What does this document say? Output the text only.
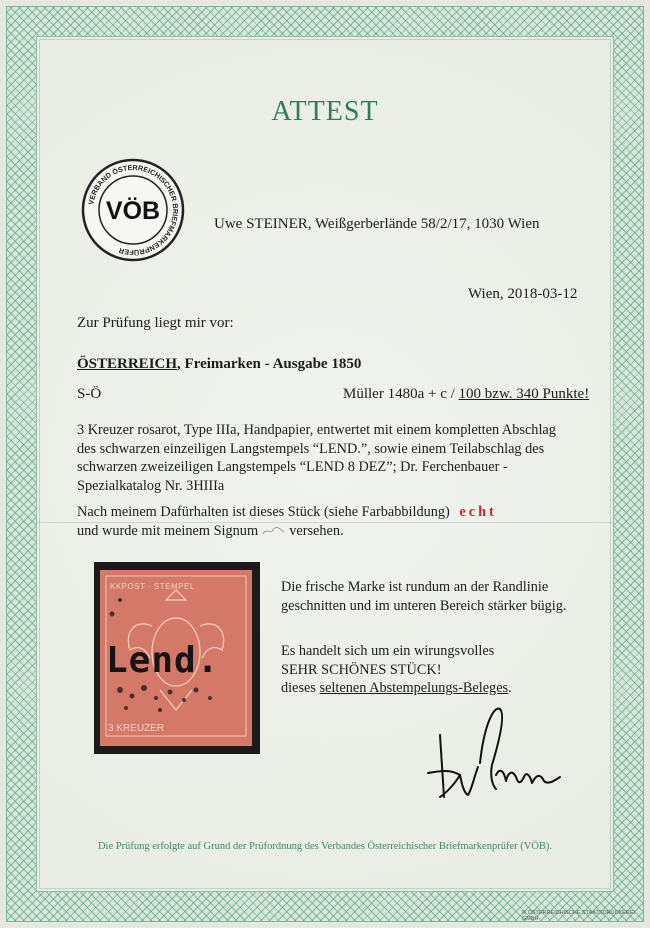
ATTEST
VERBAND ÖSTERREICHISCHER BRIEFMARKENPRÜFER
VÖB	Uwe STEINER, Weißgerberlände 58/2/17, 1030 Wien
Wien, 2018-03-12
Zur Prüfung liegt mir vor:
ÖSTERREICH, Freimarken - Ausgabe 1850
S-Ö	Müller 1480a + c / 100 bzw. 340 Punkte!
3 Kreuzer rosarot, Type IIIa, Handpapier, entwertet mit einem kompletten Abschlag des schwarzen einzeiligen Langstempels “LEND.”, sowie einem Teilabschlag des schwarzen zweizeiligen Langstempels “LEND 8 DEZ”; Dr. Ferchenbauer - Spezialkatalog Nr. 3HIIIa
Nach meinem Dafürhalten ist dieses Stück (siehe Farbabbildung) echt
und wurde mit meinem Signum versehen.
KKPOST · STEMPEL
Lend.
3 KREUZER
Die frische Marke ist rundum an der Randlinie geschnitten und im unteren Bereich stärker bügig.
Es handelt sich um ein wirungsvolles
SEHR SCHÖNES STÜCK!
dieses seltenen Abstempelungs-Beleges.
Die Prüfung erfolgte auf Grund der Prüfordnung des Verbandes Österreichischer Briefmarkenprüfer (VÖB).
© ÖSTERREICHISCHE STAATSDRUCKEREI GMBH
